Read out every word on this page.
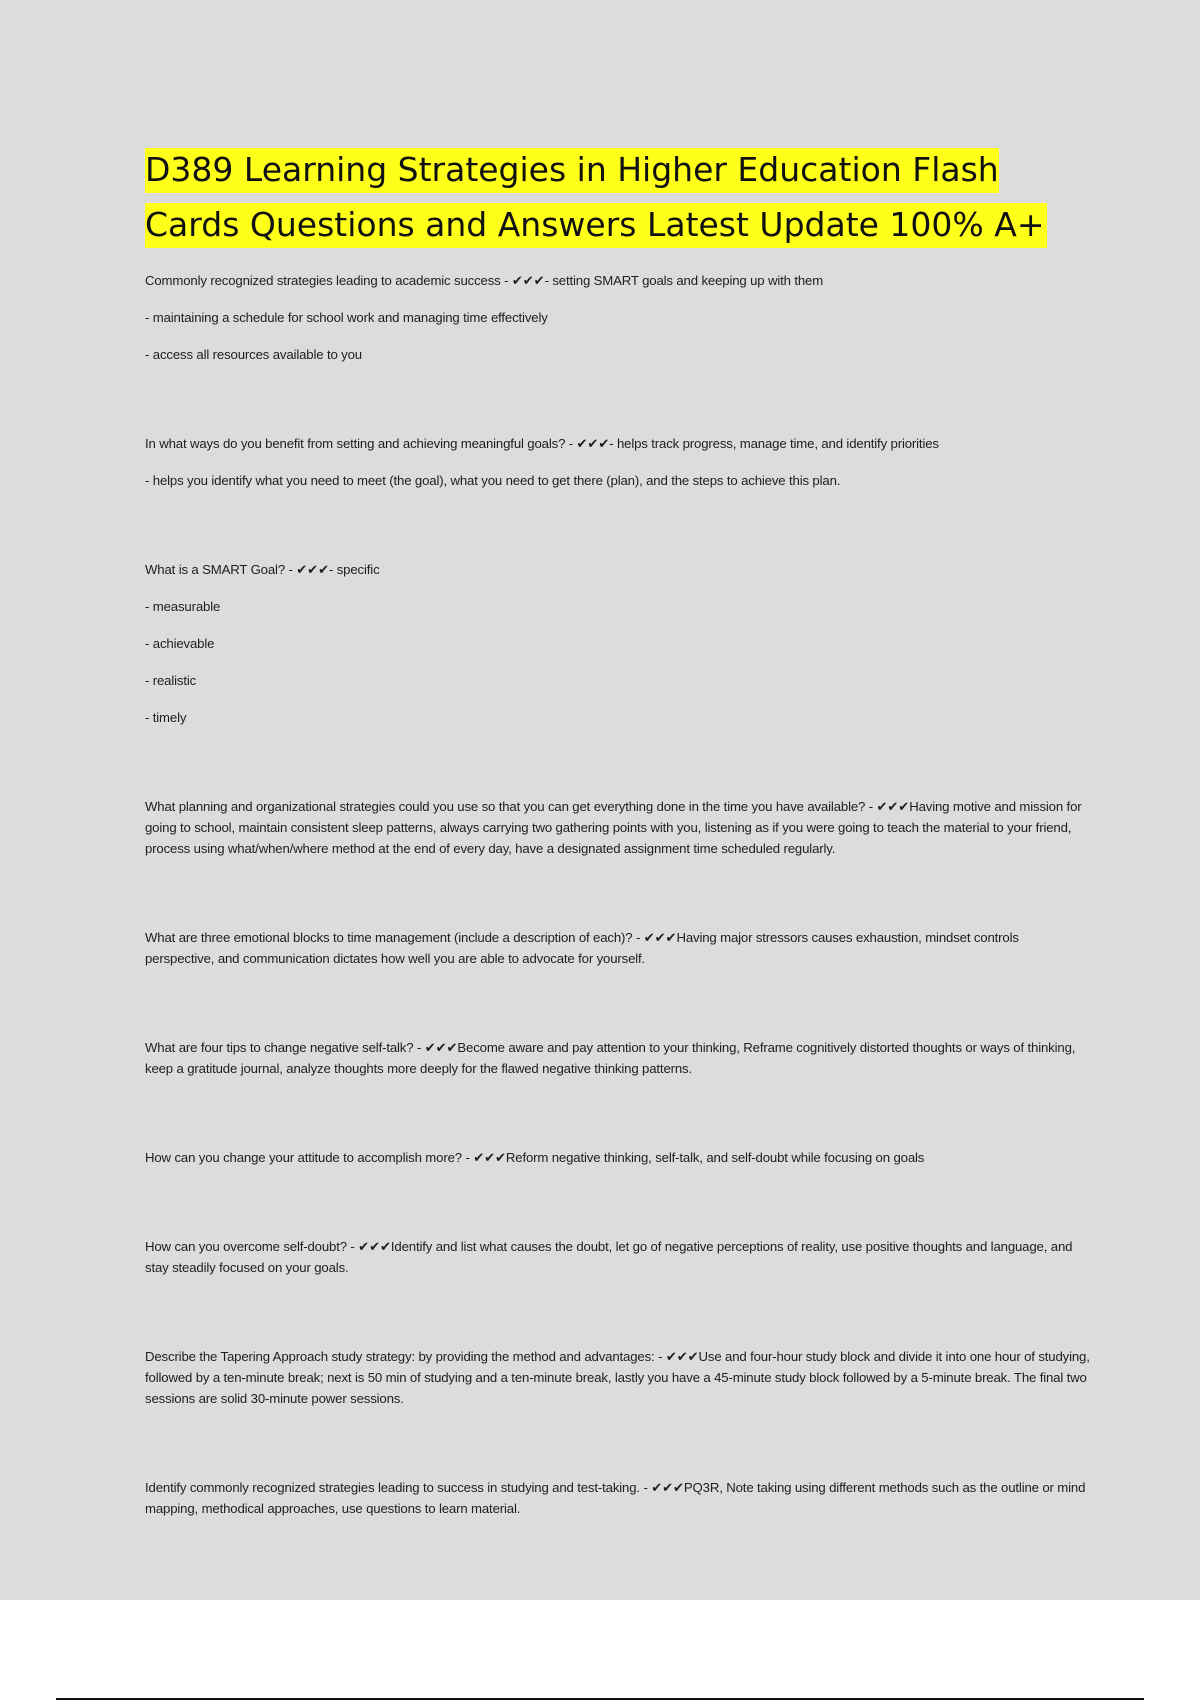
D389 Learning Strategies in Higher Education Flash Cards Questions and Answers Latest Update 100% A+

Commonly recognized strategies leading to academic success - ✔✔✔- setting SMART goals and keeping up with them

- maintaining a schedule for school work and managing time effectively

- access all resources available to you

In what ways do you benefit from setting and achieving meaningful goals? - ✔✔✔- helps track progress, manage time, and identify priorities

- helps you identify what you need to meet (the goal), what you need to get there (plan), and the steps to achieve this plan.

What is a SMART Goal? - ✔✔✔- specific

- measurable

- achievable

- realistic

- timely

What planning and organizational strategies could you use so that you can get everything done in the time you have available? - ✔✔✔Having motive and mission for going to school, maintain consistent sleep patterns, always carrying two gathering points with you, listening as if you were going to teach the material to your friend, process using what/when/where method at the end of every day, have a designated assignment time scheduled regularly.

What are three emotional blocks to time management (include a description of each)? - ✔✔✔Having major stressors causes exhaustion, mindset controls perspective, and communication dictates how well you are able to advocate for yourself.

What are four tips to change negative self-talk? - ✔✔✔Become aware and pay attention to your thinking, Reframe cognitively distorted thoughts or ways of thinking, keep a gratitude journal, analyze thoughts more deeply for the flawed negative thinking patterns.

How can you change your attitude to accomplish more? - ✔✔✔Reform negative thinking, self-talk, and self-doubt while focusing on goals

How can you overcome self-doubt? - ✔✔✔Identify and list what causes the doubt, let go of negative perceptions of reality, use positive thoughts and language, and stay steadily focused on your goals.

Describe the Tapering Approach study strategy: by providing the method and advantages: - ✔✔✔Use and four-hour study block and divide it into one hour of studying, followed by a ten-minute break; next is 50 min of studying and a ten-minute break, lastly you have a 45-minute study block followed by a 5-minute break. The final two sessions are solid 30-minute power sessions.

Identify commonly recognized strategies leading to success in studying and test-taking. - ✔✔✔PQ3R, Note taking using different methods such as the outline or mind mapping, methodical approaches, use questions to learn material.
